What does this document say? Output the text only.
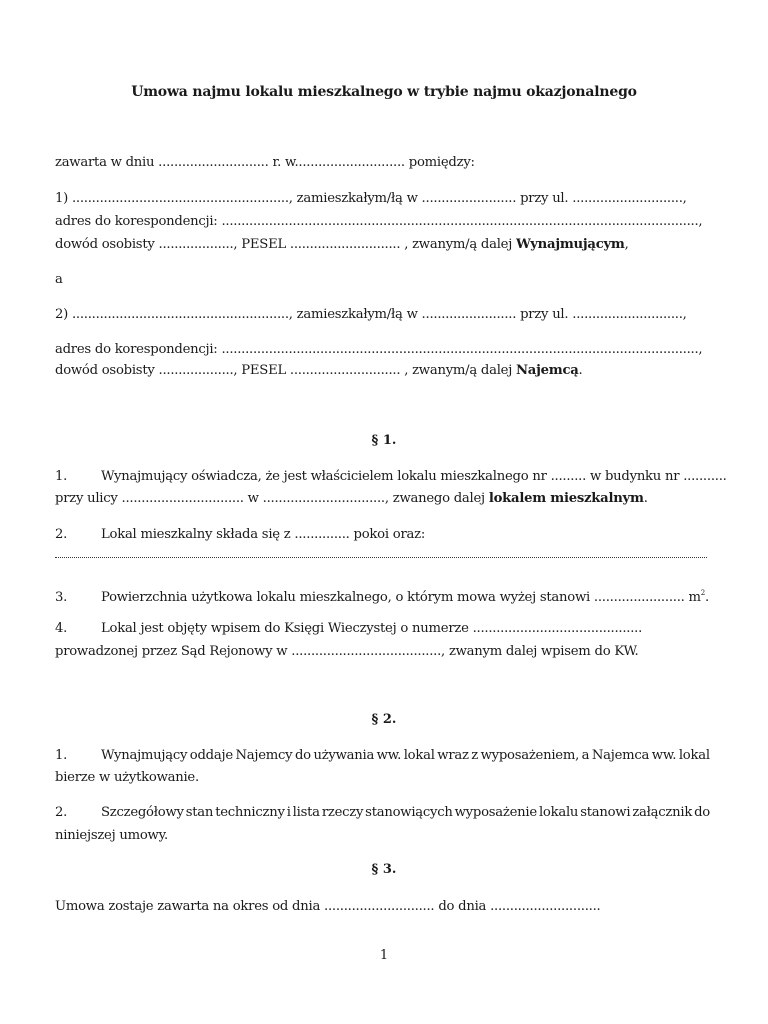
Umowa najmu lokalu mieszkalnego w trybie najmu okazjonalnego
zawarta w dniu ............................ r. w............................ pomiędzy:
1) ......................................................., zamieszkałym/łą w ........................ przy ul. ............................,
adres do korespondencji: .........................................................................................................................,
dowód osobisty ..................., PESEL ............................ , zwanym/ą dalej Wynajmującym,
a
2) ......................................................., zamieszkałym/łą w ........................ przy ul. ............................,
adres do korespondencji: .........................................................................................................................,
dowód osobisty ..................., PESEL ............................ , zwanym/ą dalej Najemcą.
§ 1.
1.	Wynajmujący oświadcza, że jest właścicielem lokalu mieszkalnego nr ......... w budynku nr ...........
przy ulicy ............................... w ..............................., zwanego dalej lokalem mieszkalnym.
2.	Lokal mieszkalny składa się z .............. pokoi oraz:
3.	Powierzchnia użytkowa lokalu mieszkalnego, o którym mowa wyżej stanowi ....................... $m^2$.
4.	Lokal jest objęty wpisem do Księgi Wieczystej o numerze ...........................................
prowadzonej przez Sąd Rejonowy w ......................................, zwanym dalej wpisem do KW.
§ 2.
1.	Wynajmujący oddaje Najemcy do używania ww. lokal wraz z wyposażeniem, a Najemca ww. lokal
bierze w użytkowanie.
2.	Szczegółowy stan techniczny i lista rzeczy stanowiących wyposażenie lokalu stanowi załącznik do
niniejszej umowy.
§ 3.
Umowa zostaje zawarta na okres od dnia ............................ do dnia ............................
1
